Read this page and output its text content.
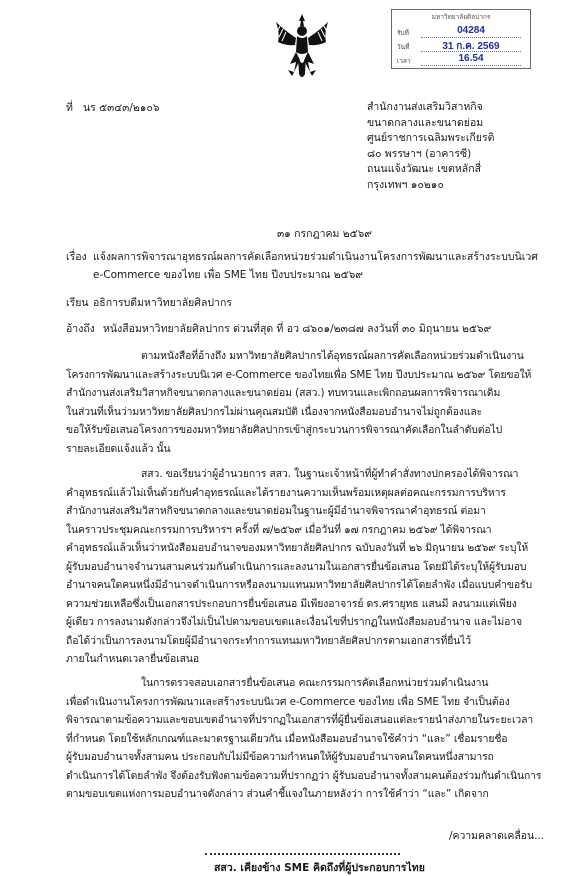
มหาวิทยาลัยศิลปากร
รับที่	04284
วันที่	31 ก.ค. 2569
เวลา	16.54
ที่ นร ๕๓๔๓/๒๑๐๖	สำนักงานส่งเสริมวิสาหกิจ
ขนาดกลางและขนาดย่อม
ศูนย์ราชการเฉลิมพระเกียรติ
๘๐ พรรษาฯ (อาคารซี)
ถนนแจ้งวัฒนะ เขตหลักสี่
กรุงเทพฯ ๑๐๒๑๐
๓๑ กรกฎาคม ๒๕๖๙
เรื่อง แจ้งผลการพิจารณาอุทธรณ์ผลการคัดเลือกหน่วยร่วมดำเนินงานโครงการพัฒนาและสร้างระบบนิเวศ
e-Commerce ของไทย เพื่อ SME ไทย ปีงบประมาณ ๒๕๖๙
เรียน อธิการบดีมหาวิทยาลัยศิลปากร
อ้างถึง หนังสือมหาวิทยาลัยศิลปากร ด่วนที่สุด ที่ อว ๘๖๐๑/๒๓๘๗ ลงวันที่ ๓๐ มิถุนายน ๒๕๖๙
ตามหนังสือที่อ้างถึง มหาวิทยาลัยศิลปากรได้อุทธรณ์ผลการคัดเลือกหน่วยร่วมดำเนินงาน
โครงการพัฒนาและสร้างระบบนิเวศ e-Commerce ของไทยเพื่อ SME ไทย ปีงบประมาณ ๒๕๖๙ โดยขอให้
สำนักงานส่งเสริมวิสาหกิจขนาดกลางและขนาดย่อม (สสว.) ทบทวนและเพิกถอนผลการพิจารณาเดิม
ในส่วนที่เห็นว่ามหาวิทยาลัยศิลปากรไม่ผ่านคุณสมบัติ เนื่องจากหนังสือมอบอำนาจไม่ถูกต้องและ
ขอให้รับข้อเสนอโครงการของมหาวิทยาลัยศิลปากรเข้าสู่กระบวนการพิจารณาคัดเลือกในลำดับต่อไป
รายละเอียดแจ้งแล้ว นั้น
สสว. ขอเรียนว่าผู้อำนวยการ สสว. ในฐานะเจ้าหน้าที่ผู้ทำคำสั่งทางปกครองได้พิจารณา
คำอุทธรณ์แล้วไม่เห็นด้วยกับคำอุทธรณ์และได้รายงานความเห็นพร้อมเหตุผลต่อคณะกรรมการบริหาร
สำนักงานส่งเสริมวิสาหกิจขนาดกลางและขนาดย่อมในฐานะผู้มีอำนาจพิจารณาคำอุทธรณ์ ต่อมา
ในคราวประชุมคณะกรรมการบริหารฯ ครั้งที่ ๗/๒๕๖๙ เมื่อวันที่ ๑๗ กรกฎาคม ๒๕๖๙ ได้พิจารณา
คำอุทธรณ์แล้วเห็นว่าหนังสือมอบอำนาจของมหาวิทยาลัยศิลปากร ฉบับลงวันที่ ๒๖ มิถุนายน ๒๕๖๙ ระบุให้
ผู้รับมอบอำนาจจำนวนสามคนร่วมกันดำเนินการและลงนามในเอกสารยื่นข้อเสนอ โดยมิได้ระบุให้ผู้รับมอบ
อำนาจคนใดคนหนึ่งมีอำนาจดำเนินการหรือลงนามแทนมหาวิทยาลัยศิลปากรได้โดยลำพัง เมื่อแบบคำขอรับ
ความช่วยเหลือซึ่งเป็นเอกสารประกอบการยื่นข้อเสนอ มีเพียงอาจารย์ ดร.ศรายุทธ แสนมี ลงนามแต่เพียง
ผู้เดียว การลงนามดังกล่าวจึงไม่เป็นไปตามขอบเขตและเงื่อนไขที่ปรากฏในหนังสือมอบอำนาจ และไม่อาจ
ถือได้ว่าเป็นการลงนามโดยผู้มีอำนาจกระทำการแทนมหาวิทยาลัยศิลปากรตามเอกสารที่ยื่นไว้
ภายในกำหนดเวลายื่นข้อเสนอ
ในการตรวจสอบเอกสารยื่นข้อเสนอ คณะกรรมการคัดเลือกหน่วยร่วมดำเนินงาน
เพื่อดำเนินงานโครงการพัฒนาและสร้างระบบนิเวศ e-Commerce ของไทย เพื่อ SME ไทย จำเป็นต้อง
พิจารณาตามข้อความและขอบเขตอำนาจที่ปรากฏในเอกสารที่ผู้ยื่นข้อเสนอแต่ละรายนำส่งภายในระยะเวลา
ที่กำหนด โดยใช้หลักเกณฑ์และมาตรฐานเดียวกัน เมื่อหนังสือมอบอำนาจใช้คำว่า “และ” เชื่อมรายชื่อ
ผู้รับมอบอำนาจทั้งสามคน ประกอบกับไม่มีข้อความกำหนดให้ผู้รับมอบอำนาจคนใดคนหนึ่งสามารถ
ดำเนินการได้โดยลำพัง จึงต้องรับฟังตามข้อความที่ปรากฏว่า ผู้รับมอบอำนาจทั้งสามคนต้องร่วมกันดำเนินการ
ตามขอบเขตแห่งการมอบอำนาจดังกล่าว ส่วนคำชี้แจงในภายหลังว่า การใช้คำว่า “และ” เกิดจาก
/ความคลาดเคลื่อน...
สสว. เคียงข้าง SME คิดถึงที่ผู้ประกอบการไทย
